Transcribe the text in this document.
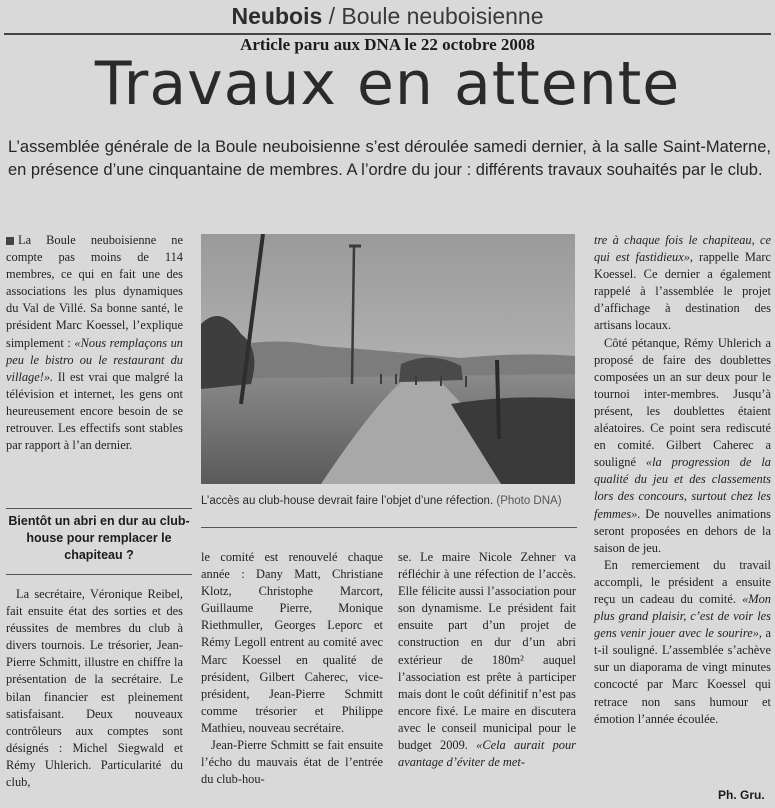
Neubois / Boule neuboisienne
Article paru aux DNA le 22 octobre 2008
Travaux en attente
L’assemblée générale de la Boule neuboisienne s’est déroulée samedi dernier, à la salle Saint-Materne, en présence d’une cinquantaine de membres. A l’ordre du jour : différents travaux souhaités par le club.

La Boule neuboisienne ne compte pas moins de 114 membres, ce qui en fait une des associations les plus dynamiques du Val de Villé. Sa bonne santé, le président Marc Koessel, l’explique simplement : «Nous remplaçons un peu le bistro ou le restaurant du village!». Il est vrai que malgré la télévision et internet, les gens ont heureusement encore besoin de se retrouver. Les effectifs sont stables par rapport à l’an dernier.

Bientôt un abri en dur au club-house pour remplacer le chapiteau ?

La secrétaire, Véronique Reibel, fait ensuite état des sorties et des réussites de membres du club à divers tournois. Le trésorier, Jean-Pierre Schmitt, illustre en chiffre la présentation de la secrétaire. Le bilan financier est pleinement satisfaisant. Deux nouveaux contrôleurs aux comptes sont désignés : Michel Siegwald et Rémy Uhlerich. Particularité du club,

L’accès au club-house devrait faire l’objet d’une réfection. (Photo DNA)

le comité est renouvelé chaque année : Dany Matt, Christiane Klotz, Christophe Marcort, Guillaume Pierre, Monique Riethmuller, Georges Leporc et Rémy Legoll entrent au comité avec Marc Koessel en qualité de président, Gilbert Caherec, vice-président, Jean-Pierre Schmitt comme trésorier et Philippe Mathieu, nouveau secrétaire.

Jean-Pierre Schmitt se fait ensuite l’écho du mauvais état de l’entrée du club-hou-

se. Le maire Nicole Zehner va réfléchir à une réfection de l’accès. Elle félicite aussi l’association pour son dynamisme. Le président fait ensuite part d’un projet de construction en dur d’un abri extérieur de 180m² auquel l’association est prête à participer mais dont le coût définitif n’est pas encore fixé. Le maire en discutera avec le conseil municipal pour le budget 2009. «Cela aurait pour avantage d’éviter de met-

tre à chaque fois le chapiteau, ce qui est fastidieux», rappelle Marc Koessel. Ce dernier a également rappelé à l’assemblée le projet d’affichage à destination des artisans locaux.

Côté pétanque, Rémy Uhlerich a proposé de faire des doublettes composées un an sur deux pour le tournoi inter-membres. Jusqu’à présent, les doublettes étaient aléatoires. Ce point sera rediscuté en comité. Gilbert Caherec a souligné «la progression de la qualité du jeu et des classements lors des concours, surtout chez les femmes». De nouvelles animations seront proposées en dehors de la saison de jeu.

En remerciement du travail accompli, le président a ensuite reçu un cadeau du comité. «Mon plus grand plaisir, c’est de voir les gens venir jouer avec le sourire», a t-il souligné. L’assemblée s’achève sur un diaporama de vingt minutes concocté par Marc Koessel qui retrace non sans humour et émotion l’année écoulée.

Ph. Gru.
